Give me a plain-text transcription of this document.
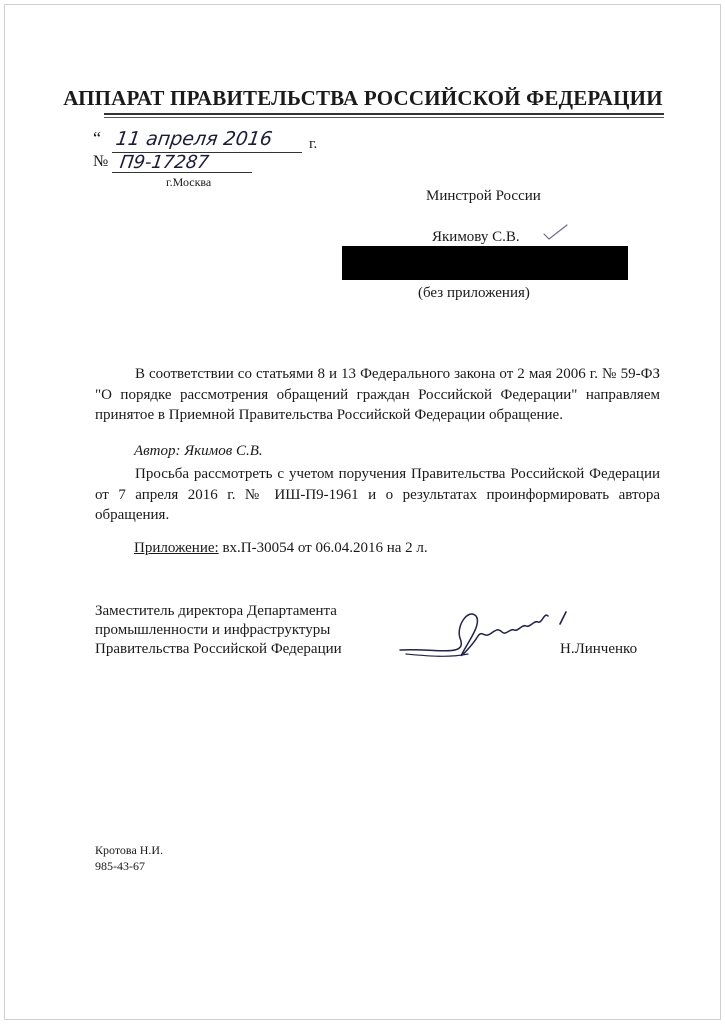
АППАРАТ ПРАВИТЕЛЬСТВА РОССИЙСКОЙ ФЕДЕРАЦИИ
“ 11 апреля 2016 г.
№ П9-17287
г.Москва
Минстрой России
Якимову С.В.
(без приложения)
В соответствии со статьями 8 и 13 Федерального закона от 2 мая 2006 г. № 59-ФЗ "О порядке рассмотрения обращений граждан Российской Федерации" направляем принятое в Приемной Правительства Российской Федерации обращение.
Автор: Якимов С.В.
Просьба рассмотреть с учетом поручения Правительства Российской Федерации от 7 апреля 2016 г. № ИШ-П9-1961 и о результатах проинформировать автора обращения.
Приложение: вх.П-30054 от 06.04.2016 на 2 л.
Заместитель директора Департамента
промышленности и инфраструктуры
Правительства Российской Федерации	Н.Линченко
Кротова Н.И.
985-43-67
